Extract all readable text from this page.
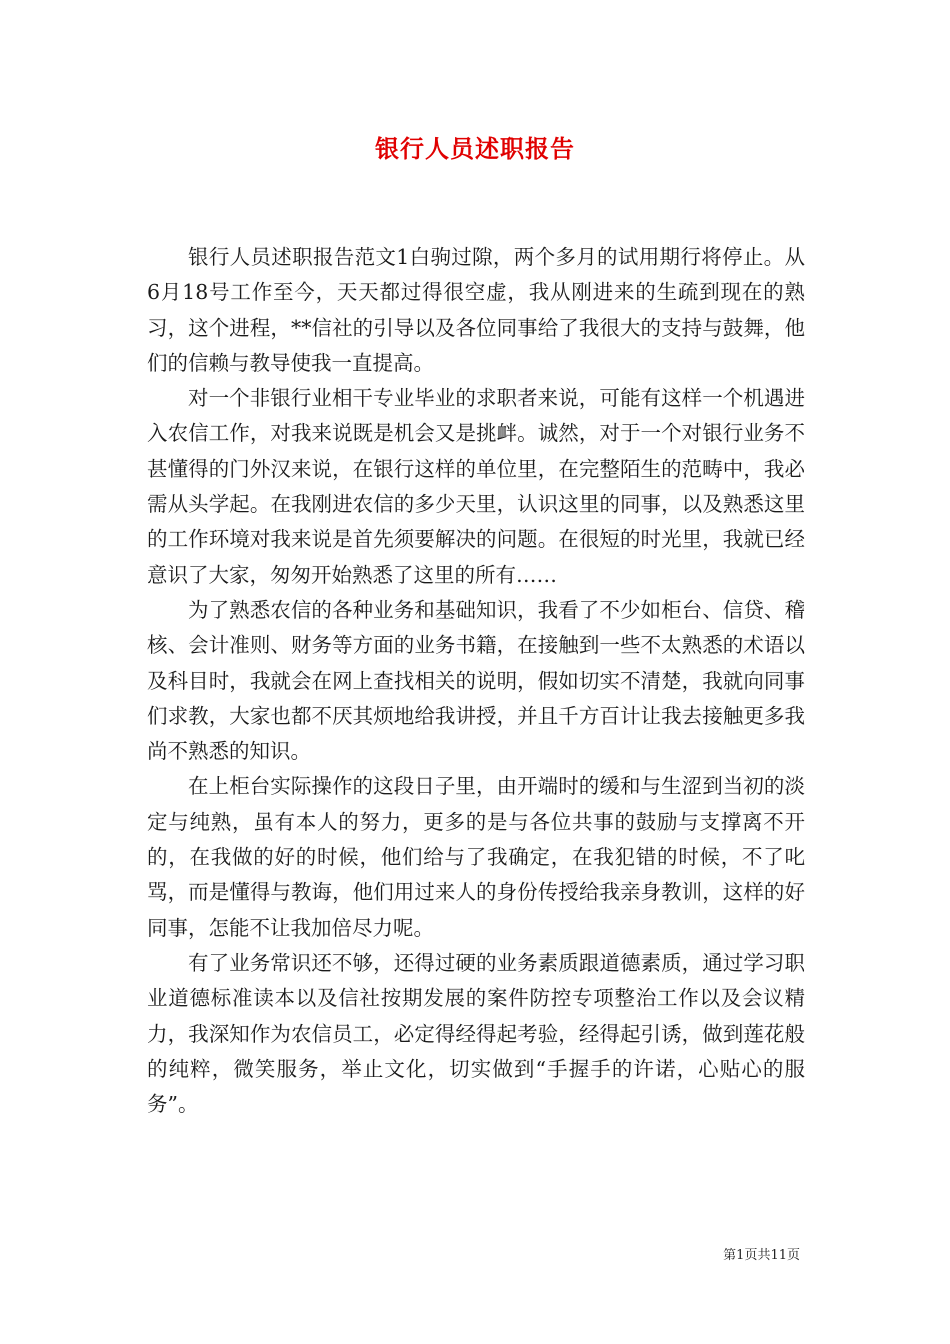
银行人员述职报告

银行人员述职报告范文1白驹过隙，两个多月的试用期行将停止。从6月18号工作至今，天天都过得很空虚，我从刚进来的生疏到现在的熟习，这个进程，**信社的引导以及各位同事给了我很大的支持与鼓舞，他们的信赖与教导使我一直提高。

对一个非银行业相干专业毕业的求职者来说，可能有这样一个机遇进入农信工作，对我来说既是机会又是挑衅。诚然，对于一个对银行业务不甚懂得的门外汉来说，在银行这样的单位里，在完整陌生的范畴中，我必需从头学起。在我刚进农信的多少天里，认识这里的同事，以及熟悉这里的工作环境对我来说是首先须要解决的问题。在很短的时光里，我就已经意识了大家，匆匆开始熟悉了这里的所有……

为了熟悉农信的各种业务和基础知识，我看了不少如柜台、信贷、稽核、会计准则、财务等方面的业务书籍，在接触到一些不太熟悉的术语以及科目时，我就会在网上查找相关的说明，假如切实不清楚，我就向同事们求教，大家也都不厌其烦地给我讲授，并且千方百计让我去接触更多我尚不熟悉的知识。

在上柜台实际操作的这段日子里，由开端时的缓和与生涩到当初的淡定与纯熟，虽有本人的努力，更多的是与各位共事的鼓励与支撑离不开的，在我做的好的时候，他们给与了我确定，在我犯错的时候，不了叱骂，而是懂得与教诲，他们用过来人的身份传授给我亲身教训，这样的好同事，怎能不让我加倍尽力呢。

有了业务常识还不够，还得过硬的业务素质跟道德素质，通过学习职业道德标准读本以及信社按期发展的案件防控专项整治工作以及会议精力，我深知作为农信员工，必定得经得起考验，经得起引诱，做到莲花般的纯粹，微笑服务，举止文化，切实做到“手握手的许诺，心贴心的服务”。

第1页共11页
